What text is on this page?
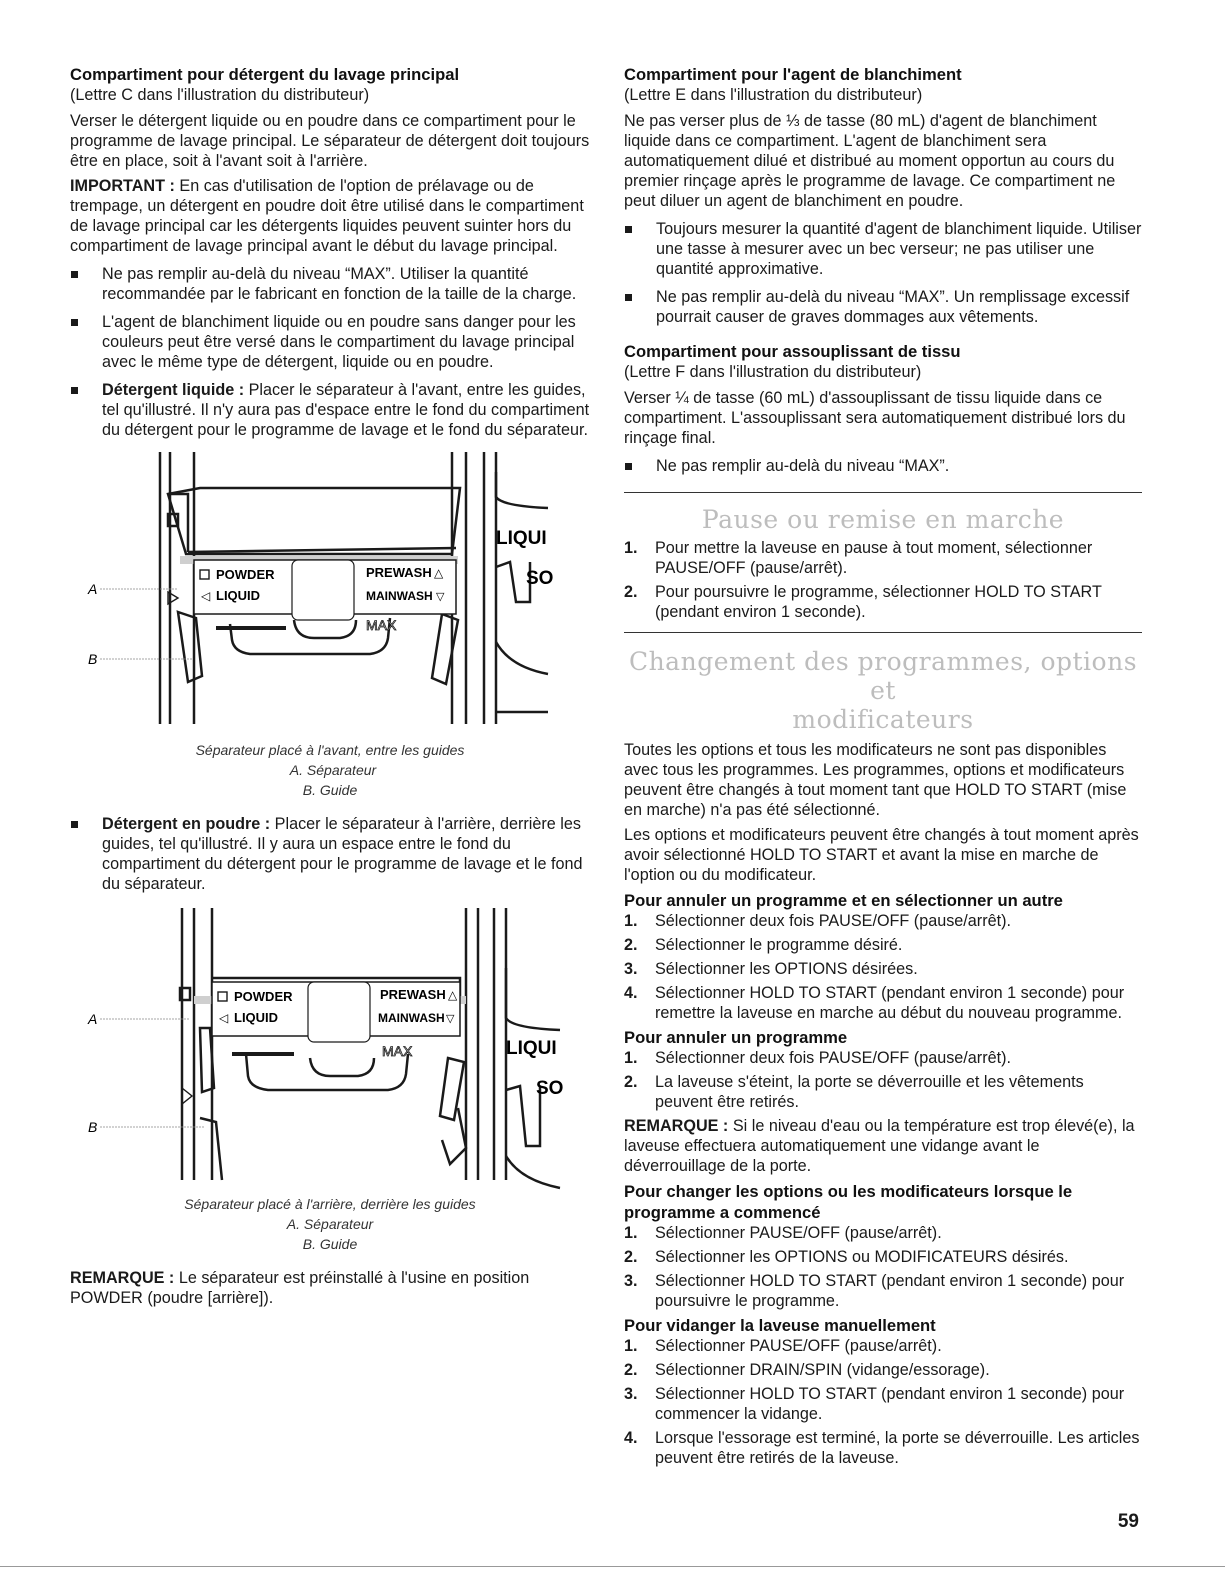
Compartiment pour détergent du lavage principal

(Lettre C dans l'illustration du distributeur)

Verser le détergent liquide ou en poudre dans ce compartiment pour le programme de lavage principal. Le séparateur de détergent doit toujours être en place, soit à l'avant soit à l'arrière.

IMPORTANT : En cas d'utilisation de l'option de prélavage ou de trempage, un détergent en poudre doit être utilisé dans le compartiment de lavage principal car les détergents liquides peuvent suinter hors du compartiment de lavage principal avant le début du lavage principal.

Ne pas remplir au-delà du niveau “MAX”. Utiliser la quantité recommandée par le fabricant en fonction de la taille de la charge.
L'agent de blanchiment liquide ou en poudre sans danger pour les couleurs peut être versé dans le compartiment du lavage principal avec le même type de détergent, liquide ou en poudre.
Détergent liquide : Placer le séparateur à l'avant, entre les guides, tel qu'illustré. Il n'y aura pas d'espace entre le fond du compartiment du détergent pour le programme de lavage et le fond du séparateur.
POWDER
◁ LIQUID
PREWASH △
MAINWASH ▽
MAX
LIQUI
SO
A
B
Séparateur placé à l'avant, entre les guides
A. Séparateur
B. Guide
Détergent en poudre : Placer le séparateur à l'arrière, derrière les guides, tel qu'illustré. Il y aura un espace entre le fond du compartiment du détergent pour le programme de lavage et le fond du séparateur.
POWDER
◁ LIQUID
PREWASH △
MAINWASH ▽
MAX	LIQUI
SO
A
B
Séparateur placé à l'arrière, derrière les guides
A. Séparateur
B. Guide

REMARQUE : Le séparateur est préinstallé à l'usine en position POWDER (poudre [arrière]).

Compartiment pour l'agent de blanchiment

(Lettre E dans l'illustration du distributeur)

Ne pas verser plus de ⅓ de tasse (80 mL) d'agent de blanchiment liquide dans ce compartiment. L'agent de blanchiment sera automatiquement dilué et distribué au moment opportun au cours du premier rinçage après le programme de lavage. Ce compartiment ne peut diluer un agent de blanchiment en poudre.

Toujours mesurer la quantité d'agent de blanchiment liquide. Utiliser une tasse à mesurer avec un bec verseur; ne pas utiliser une quantité approximative.
Ne pas remplir au-delà du niveau “MAX”. Un remplissage excessif pourrait causer de graves dommages aux vêtements.
Compartiment pour assouplissant de tissu

(Lettre F dans l'illustration du distributeur)

Verser ¼ de tasse (60 mL) d'assouplissant de tissu liquide dans ce compartiment. L'assouplissant sera automatiquement distribué lors du rinçage final.

Ne pas remplir au-delà du niveau “MAX”.
Pause ou remise en marche
1. Pour mettre la laveuse en pause à tout moment, sélectionner PAUSE/OFF (pause/arrêt).
2. Pour poursuivre le programme, sélectionner HOLD TO START (pendant environ 1 seconde).
Changement des programmes, options et
modificateurs

Toutes les options et tous les modificateurs ne sont pas disponibles avec tous les programmes. Les programmes, options et modificateurs peuvent être changés à tout moment tant que HOLD TO START (mise en marche) n'a pas été sélectionné.

Les options et modificateurs peuvent être changés à tout moment après avoir sélectionné HOLD TO START et avant la mise en marche de l'option ou du modificateur.

Pour annuler un programme et en sélectionner un autre
1. Sélectionner deux fois PAUSE/OFF (pause/arrêt).
2. Sélectionner le programme désiré.
3. Sélectionner les OPTIONS désirées.
4. Sélectionner HOLD TO START (pendant environ 1 seconde) pour remettre la laveuse en marche au début du nouveau programme.
Pour annuler un programme
1. Sélectionner deux fois PAUSE/OFF (pause/arrêt).
2. La laveuse s'éteint, la porte se déverrouille et les vêtements peuvent être retirés.

REMARQUE : Si le niveau d'eau ou la température est trop élevé(e), la laveuse effectuera automatiquement une vidange avant le déverrouillage de la porte.

Pour changer les options ou les modificateurs lorsque le programme a commencé
1. Sélectionner PAUSE/OFF (pause/arrêt).
2. Sélectionner les OPTIONS ou MODIFICATEURS désirés.
3. Sélectionner HOLD TO START (pendant environ 1 seconde) pour poursuivre le programme.
Pour vidanger la laveuse manuellement
1. Sélectionner PAUSE/OFF (pause/arrêt).
2. Sélectionner DRAIN/SPIN (vidange/essorage).
3. Sélectionner HOLD TO START (pendant environ 1 seconde) pour commencer la vidange.
4. Lorsque l'essorage est terminé, la porte se déverrouille. Les articles peuvent être retirés de la laveuse.
59
